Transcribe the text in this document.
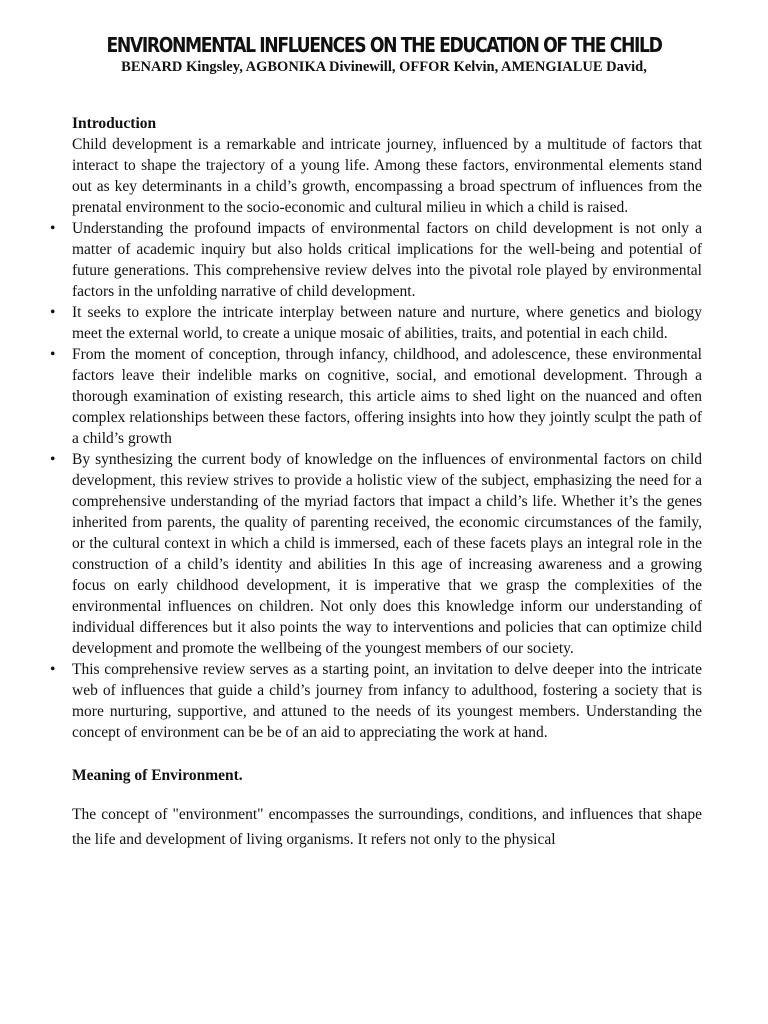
ENVIRONMENTAL INFLUENCES ON THE EDUCATION OF THE CHILD
BENARD Kingsley, AGBONIKA Divinewill, OFFOR Kelvin, AMENGIALUE David,

Introduction

Child development is a remarkable and intricate journey, influenced by a multitude of factors that interact to shape the trajectory of a young life. Among these factors, environmental elements stand out as key determinants in a child’s growth, encompassing a broad spectrum of influences from the prenatal environment to the socio-economic and cultural milieu in which a child is raised.

•	Understanding the profound impacts of environmental factors on child development is not only a matter of academic inquiry but also holds critical implications for the well-being and potential of future generations. This comprehensive review delves into the pivotal role played by environmental factors in the unfolding narrative of child development.
•	It seeks to explore the intricate interplay between nature and nurture, where genetics and biology meet the external world, to create a unique mosaic of abilities, traits, and potential in each child.
•	From the moment of conception, through infancy, childhood, and adolescence, these environmental factors leave their indelible marks on cognitive, social, and emotional development. Through a thorough examination of existing research, this article aims to shed light on the nuanced and often complex relationships between these factors, offering insights into how they jointly sculpt the path of a child’s growth
•	By synthesizing the current body of knowledge on the influences of environmental factors on child development, this review strives to provide a holistic view of the subject, emphasizing the need for a comprehensive understanding of the myriad factors that impact a child’s life. Whether it’s the genes inherited from parents, the quality of parenting received, the economic circumstances of the family, or the cultural context in which a child is immersed, each of these facets plays an integral role in the construction of a child’s identity and abilities In this age of increasing awareness and a growing focus on early childhood development, it is imperative that we grasp the complexities of the environmental influences on children. Not only does this knowledge inform our understanding of individual differences but it also points the way to interventions and policies that can optimize child development and promote the wellbeing of the youngest members of our society.
•	This comprehensive review serves as a starting point, an invitation to delve deeper into the intricate web of influences that guide a child’s journey from infancy to adulthood, fostering a society that is more nurturing, supportive, and attuned to the needs of its youngest members. Understanding the concept of environment can be be of an aid to appreciating the work at hand.

Meaning of Environment.

The concept of "environment" encompasses the surroundings, conditions, and influences that shape the life and development of living organisms. It refers not only to the physical
